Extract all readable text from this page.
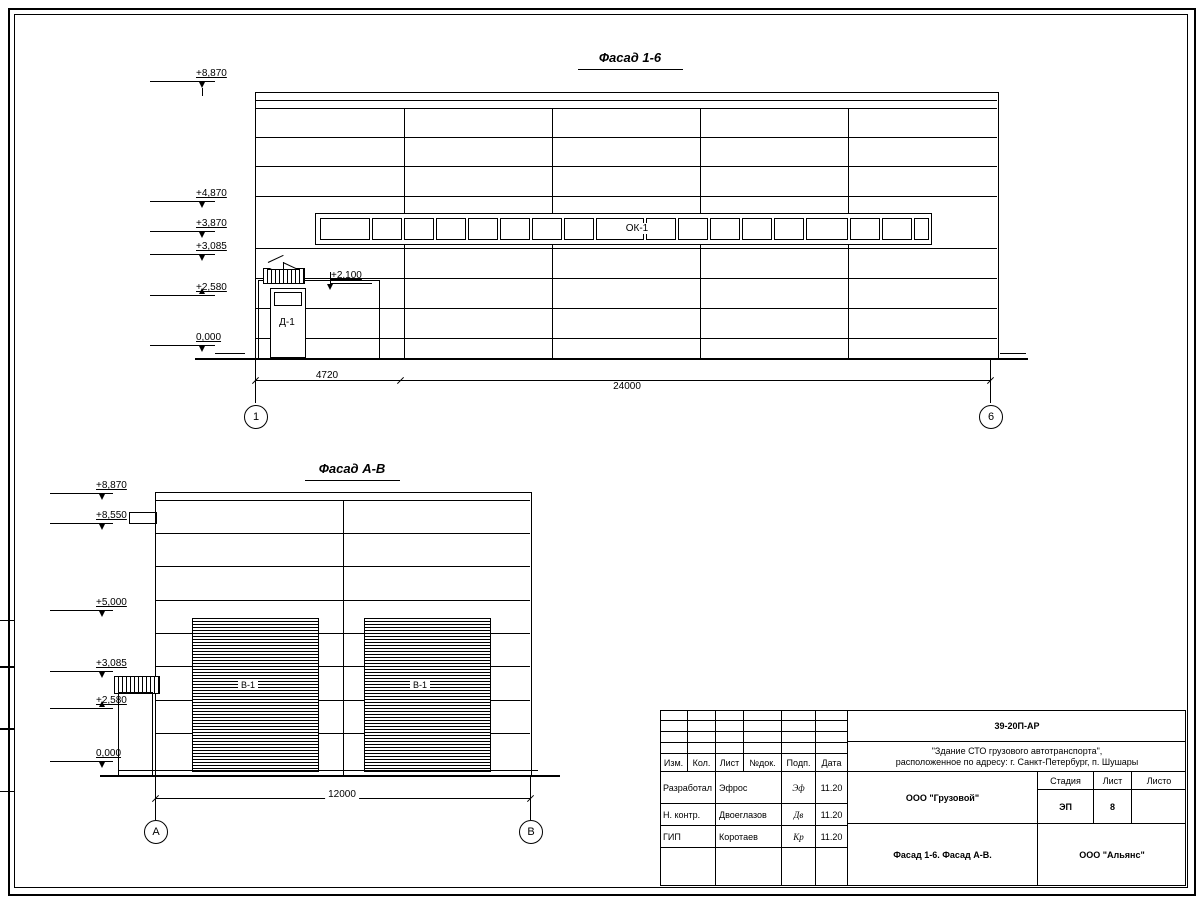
Фасад 1-6
ОК-1
Д-1
+8,870
+4,870
+3,870
+3,085
+2,580
0,000
+2,100
4720
24000
1	6
Фасад А-В
В-1	В-1
+8,870
+8,550
+5,000
+3,085
+2,580
0,000
12000
А	В
Изм.	Кол.	Лист	№док.	Подп.	Дата
Разработал Эфрос	Эф	11.20
Н. контр.	Двоеглазов	Дв	11.20
ГИП	Коротаев	Кр	11.20
39-20П-АР
"Здание СТО грузового автотранспорта",
расположенное по адресу: г. Санкт-Петербург, п. Шушары
ООО "Грузовой"
Стадия	Лист	Листо
ЭП	8
Фасад 1-6. Фасад А-В.	ООО "Альянс"
